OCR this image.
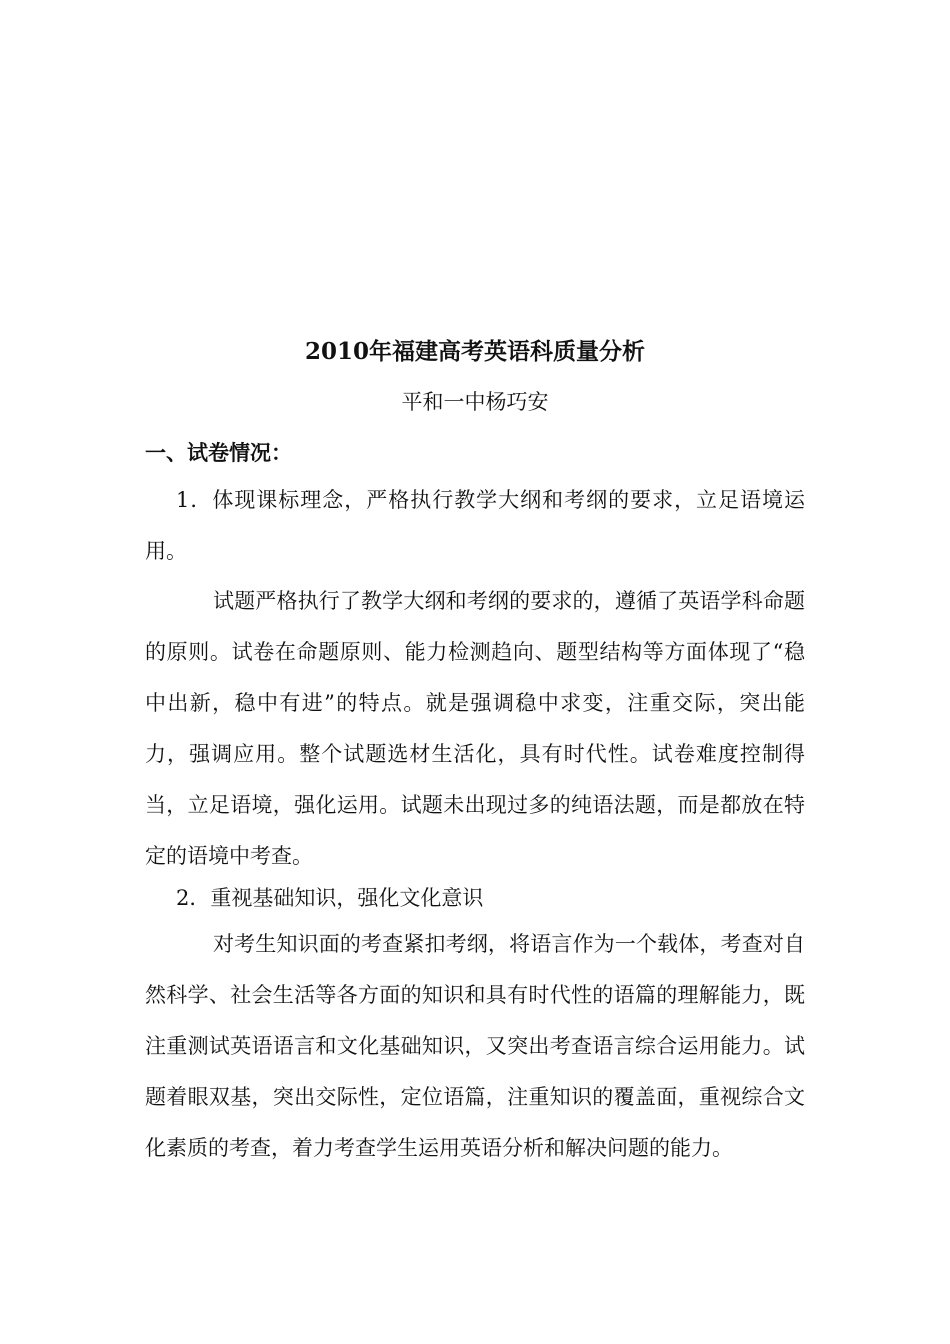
2010年福建高考英语科质量分析
平和一中杨巧安
一、试卷情况：

1．体现课标理念，严格执行教学大纲和考纲的要求，立足语境运用。

试题严格执行了教学大纲和考纲的要求的，遵循了英语学科命题的原则。试卷在命题原则、能力检测趋向、题型结构等方面体现了“稳中出新，稳中有进”的特点。就是强调稳中求变，注重交际，突出能力，强调应用。整个试题选材生活化，具有时代性。试卷难度控制得当，立足语境，强化运用。试题未出现过多的纯语法题，而是都放在特定的语境中考查。

2．重视基础知识，强化文化意识

对考生知识面的考查紧扣考纲，将语言作为一个载体，考查对自然科学、社会生活等各方面的知识和具有时代性的语篇的理解能力，既注重测试英语语言和文化基础知识，又突出考查语言综合运用能力。试题着眼双基，突出交际性，定位语篇，注重知识的覆盖面，重视综合文化素质的考查，着力考查学生运用英语分析和解决问题的能力。
